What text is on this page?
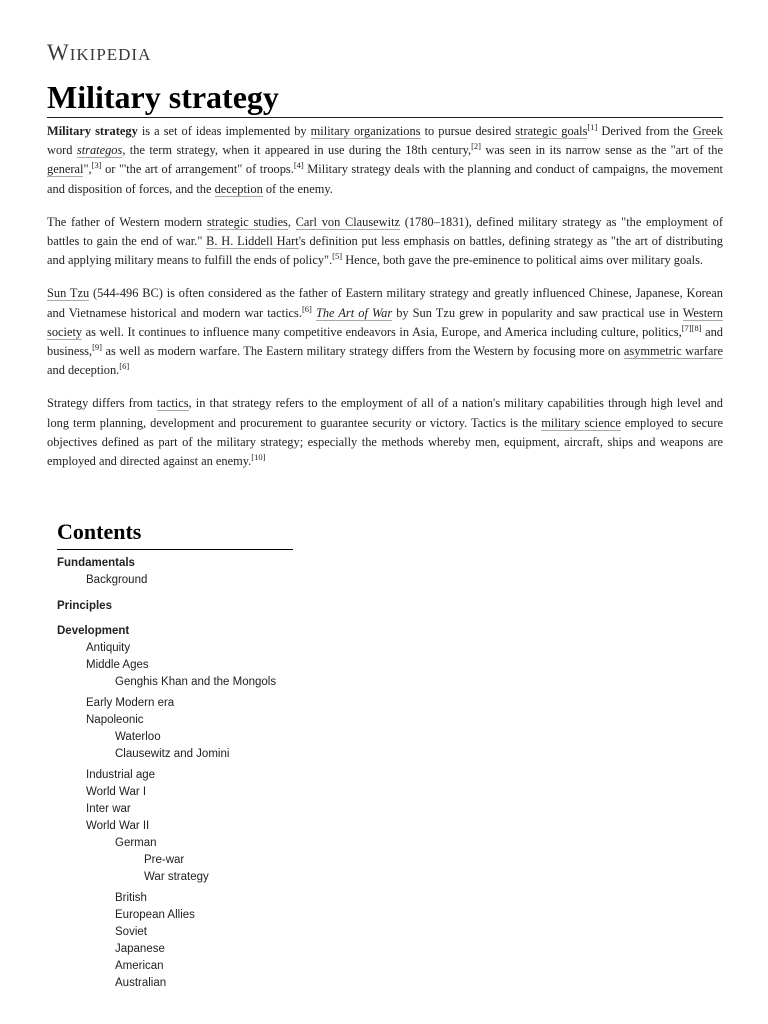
WIKIPEDIA
Military strategy

Military strategy is a set of ideas implemented by military organizations to pursue desired strategic goals[1] Derived from the Greek word strategos, the term strategy, when it appeared in use during the 18th century,[2] was seen in its narrow sense as the "art of the general",[3] or "'the art of arrangement" of troops.[4] Military strategy deals with the planning and conduct of campaigns, the movement and disposition of forces, and the deception of the enemy.

The father of Western modern strategic studies, Carl von Clausewitz (1780–1831), defined military strategy as "the employment of battles to gain the end of war." B. H. Liddell Hart's definition put less emphasis on battles, defining strategy as "the art of distributing and applying military means to fulfill the ends of policy".[5] Hence, both gave the pre-eminence to political aims over military goals.

Sun Tzu (544-496 BC) is often considered as the father of Eastern military strategy and greatly influenced Chinese, Japanese, Korean and Vietnamese historical and modern war tactics.[6] The Art of War by Sun Tzu grew in popularity and saw practical use in Western society as well. It continues to influence many competitive endeavors in Asia, Europe, and America including culture, politics,[7][8] and business,[9] as well as modern warfare. The Eastern military strategy differs from the Western by focusing more on asymmetric warfare and deception.[6]

Strategy differs from tactics, in that strategy refers to the employment of all of a nation's military capabilities through high level and long term planning, development and procurement to guarantee security or victory. Tactics is the military science employed to secure objectives defined as part of the military strategy; especially the methods whereby men, equipment, aircraft, ships and weapons are employed and directed against an enemy.[10]

Contents
Fundamentals
Background
Principles
Development
Antiquity
Middle Ages
Genghis Khan and the Mongols
Early Modern era
Napoleonic
Waterloo
Clausewitz and Jomini
Industrial age
World War I
Inter war
World War II
German
Pre-war
War strategy
British
European Allies
Soviet
Japanese
American
Australian
